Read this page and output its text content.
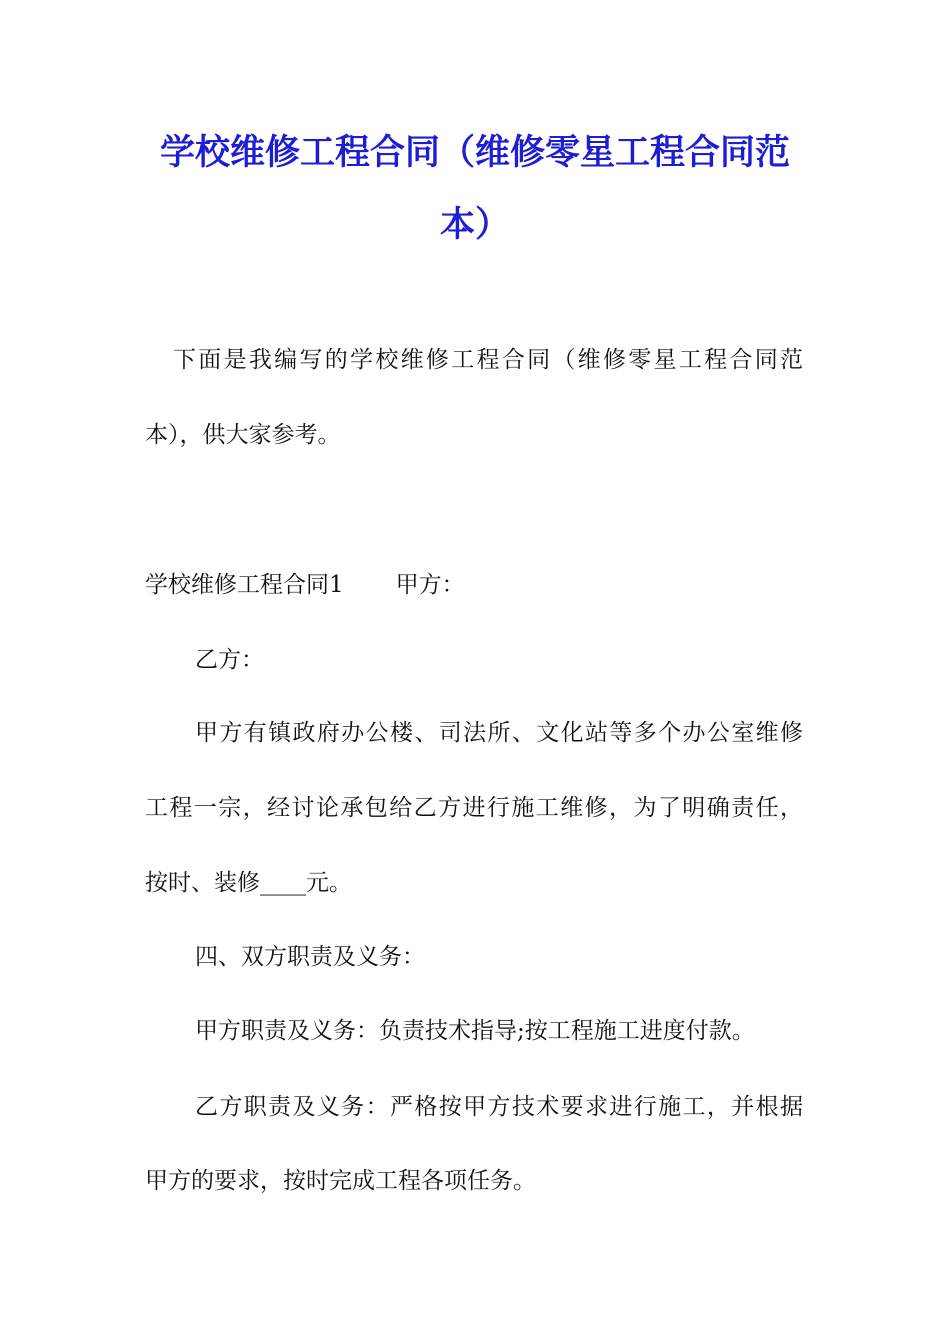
学校维修工程合同（维修零星工程合同范
本）

下面是我编写的学校维修工程合同（维修零星工程合同范

本），供大家参考。

学校维修工程合同1 甲方：

乙方：

甲方有镇政府办公楼、司法所、文化站等多个办公室维修

工程一宗，经讨论承包给乙方进行施工维修，为了明确责任，

按时、装修____元。

四、双方职责及义务：

甲方职责及义务：负责技术指导;按工程施工进度付款。

乙方职责及义务：严格按甲方技术要求进行施工，并根据

甲方的要求，按时完成工程各项任务。
